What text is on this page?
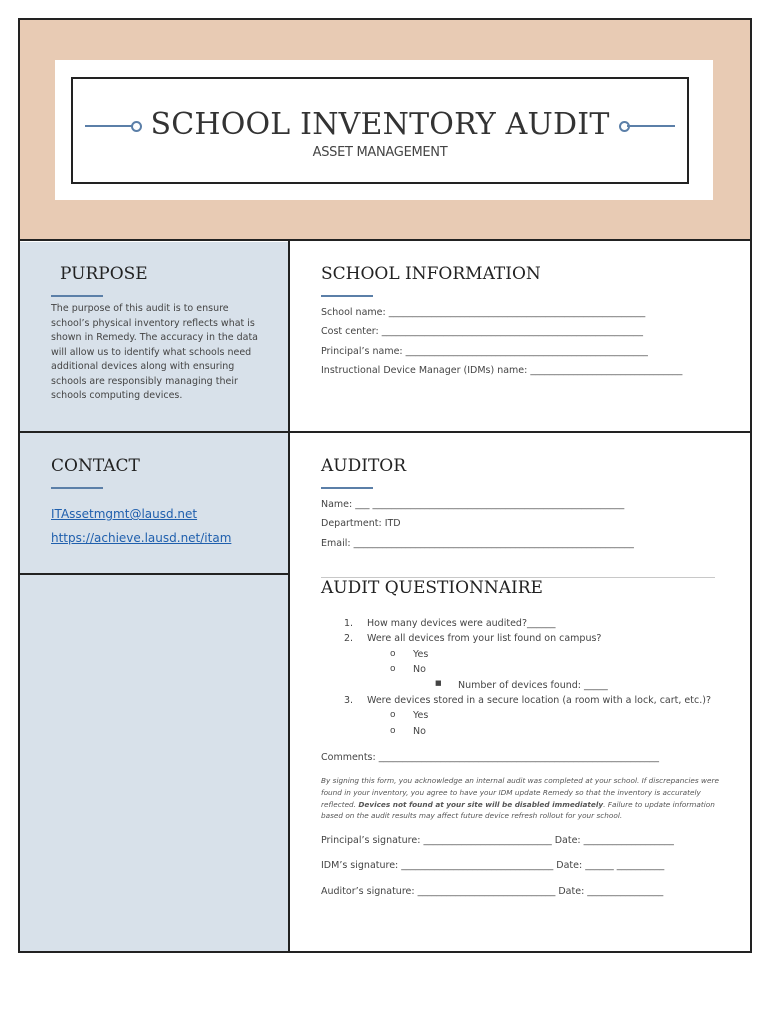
SCHOOL INVENTORY AUDIT
ASSET MANAGEMENT
PURPOSE
The purpose of this audit is to ensure school’s physical inventory reflects what is shown in Remedy. The accuracy in the data will allow us to identify what schools need additional devices along with ensuring schools are responsibly managing their schools computing devices.
CONTACT
ITAssetmgmt@lausd.net
https://achieve.lausd.net/itam
SCHOOL INFORMATION
School name: ______________________________________________________
Cost center: _______________________________________________________
Principal’s name: ___________________________________________________
Instructional Device Manager (IDMs) name: ________________________________
AUDITOR
Name: ___ _____________________________________________________
Department: ITD
Email: ___________________________________________________________
AUDIT QUESTIONNAIRE
1. How many devices were audited?______
2. Were all devices from your list found on campus?
o Yes
o No
■ Number of devices found: _____
3. Were devices stored in a secure location (a room with a lock, cart, etc.)?
o Yes
o No
Comments: ___________________________________________________________
By signing this form, you acknowledge an internal audit was completed at your school. If discrepancies were found in your inventory, you agree to have your IDM update Remedy so that the inventory is accurately reflected. Devices not found at your site will be disabled immediately. Failure to update information based on the audit results may affect future device refresh rollout for your school.
Principal’s signature: ___________________________ Date: ___________________
IDM’s signature: ________________________________ Date: ______ __________
Auditor’s signature: _____________________________ Date: ________________
